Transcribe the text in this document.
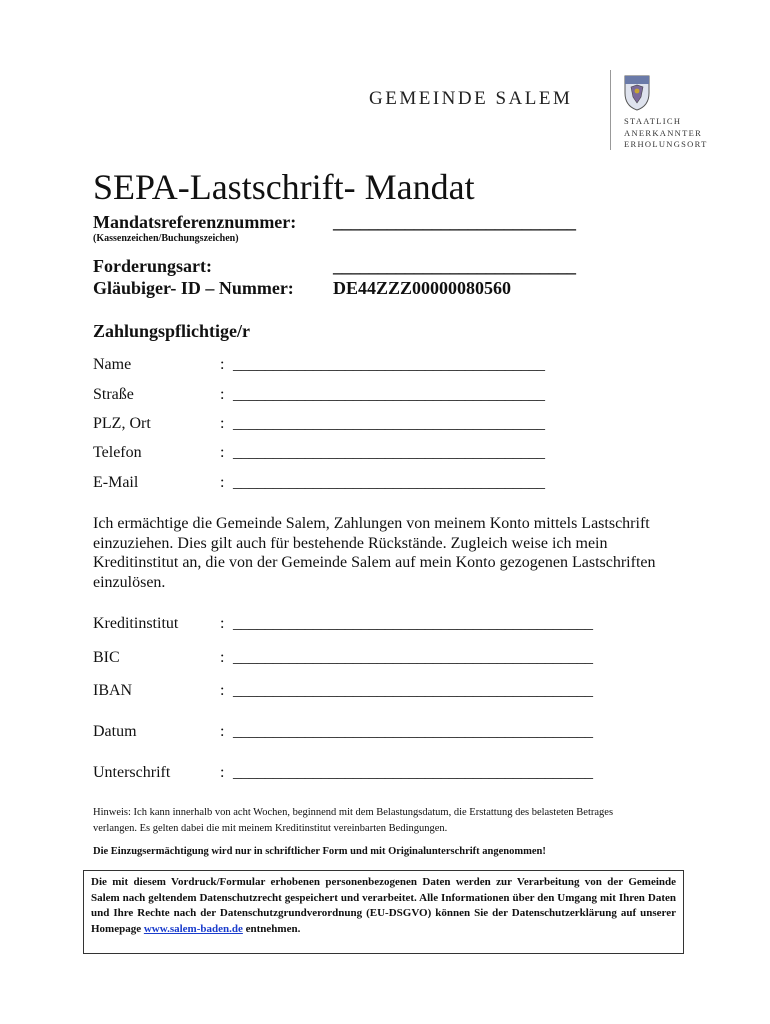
GEMEINDE SALEM
STAATLICH
ANERKANNTER
ERHOLUNGSORT
SEPA-Lastschrift- Mandat
Mandatsreferenznummer: ___________________________
(Kassenzeichen/Buchungszeichen)
Forderungsart:	___________________________
Gläubiger- ID – Nummer: DE44ZZZ00000080560
Zahlungspflichtige/r
Name	: _______________________________________
Straße	: _______________________________________
PLZ, Ort	: _______________________________________
Telefon	: _______________________________________
E-Mail	: _______________________________________
Ich ermächtige die Gemeinde Salem, Zahlungen von meinem Konto mittels Lastschrift einzuziehen. Dies gilt auch für bestehende Rückstände. Zugleich weise ich mein Kreditinstitut an, die von der Gemeinde Salem auf mein Konto gezogenen Lastschriften einzulösen.
Kreditinstitut	: _____________________________________________
BIC	: _____________________________________________
IBAN	: _____________________________________________
Datum	: _____________________________________________
Unterschrift	: _____________________________________________
Hinweis: Ich kann innerhalb von acht Wochen, beginnend mit dem Belastungsdatum, die Erstattung des belasteten Betrages verlangen. Es gelten dabei die mit meinem Kreditinstitut vereinbarten Bedingungen.
Die Einzugsermächtigung wird nur in schriftlicher Form und mit Originalunterschrift angenommen!
Die mit diesem Vordruck/Formular erhobenen personenbezogenen Daten werden zur Verarbeitung von der Gemeinde Salem nach geltendem Datenschutzrecht gespeichert und verarbeitet. Alle Informationen über den Umgang mit Ihren Daten und Ihre Rechte nach der Datenschutzgrundverordnung (EU-DSGVO) können Sie der Datenschutzerklärung auf unserer Homepage www.salem-baden.de entnehmen.
